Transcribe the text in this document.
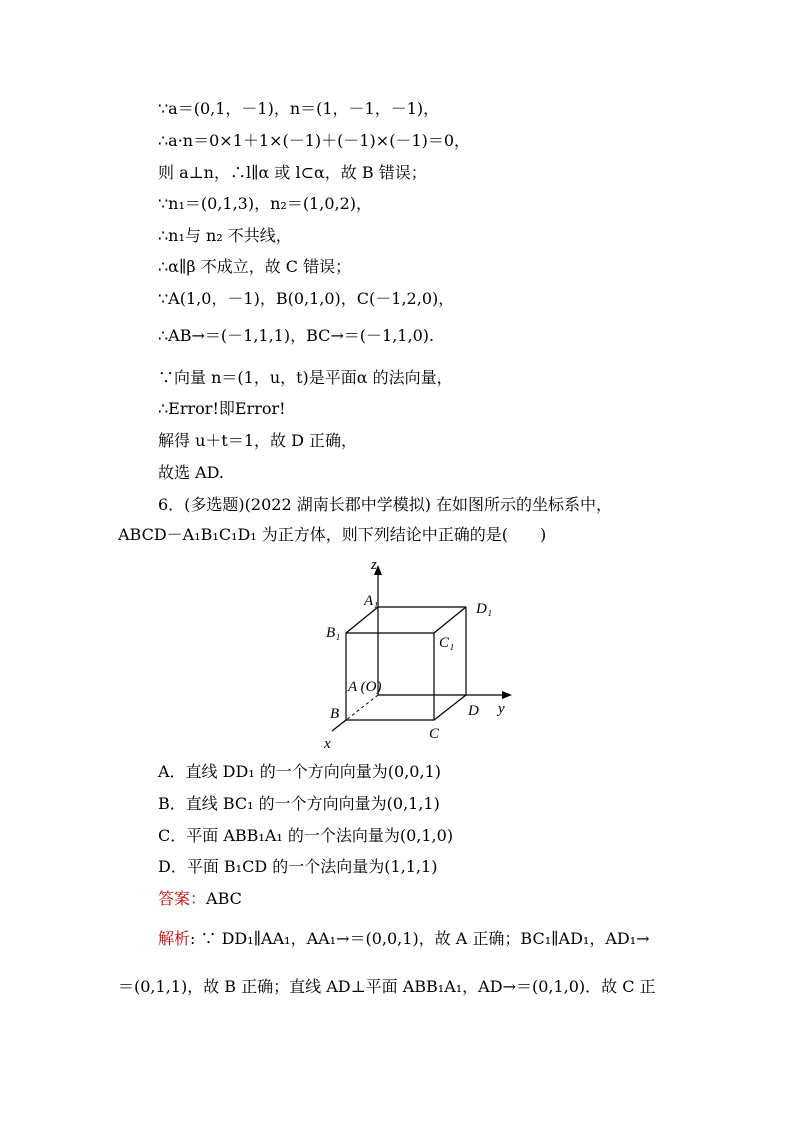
∵a＝(0,1，－1)，n＝(1，－1，－1)，
∴a·n＝0×1＋1×(－1)＋(－1)×(－1)＝0，
则 a⊥n，∴l∥α 或 l⊂α，故 B 错误；
∵n₁＝(0,1,3)，n₂＝(1,0,2)，
∴n₁与 n₂ 不共线，
∴α∥β 不成立，故 C 错误；
∵A(1,0，－1)，B(0,1,0)，C(－1,2,0)，
∴AB→＝(－1,1,1)，BC→＝(－1,1,0).
∵向量 n＝(1，u，t)是平面α 的法向量，
∴Error!即Error!
解得 u＋t＝1，故 D 正确，
故选 AD.
6．(多选题)(2022 湖南长郡中学模拟) 在如图所示的坐标系中，
ABCD－A₁B₁C₁D₁ 为正方体，则下列结论中正确的是(　　)
z
y
x
A₁	D₁
B₁
C₁
A (O)
B
C
D
A．直线 DD₁ 的一个方向向量为(0,0,1)
B．直线 BC₁ 的一个方向向量为(0,1,1)
C．平面 ABB₁A₁ 的一个法向量为(0,1,0)
D．平面 B₁CD 的一个法向量为(1,1,1)
答案：ABC
解析: ∵ DD₁∥AA₁，AA₁→＝(0,0,1)，故 A 正确；BC₁∥AD₁，AD₁→
＝(0,1,1)，故 B 正确；直线 AD⊥平面 ABB₁A₁，AD→＝(0,1,0)．故 C 正
